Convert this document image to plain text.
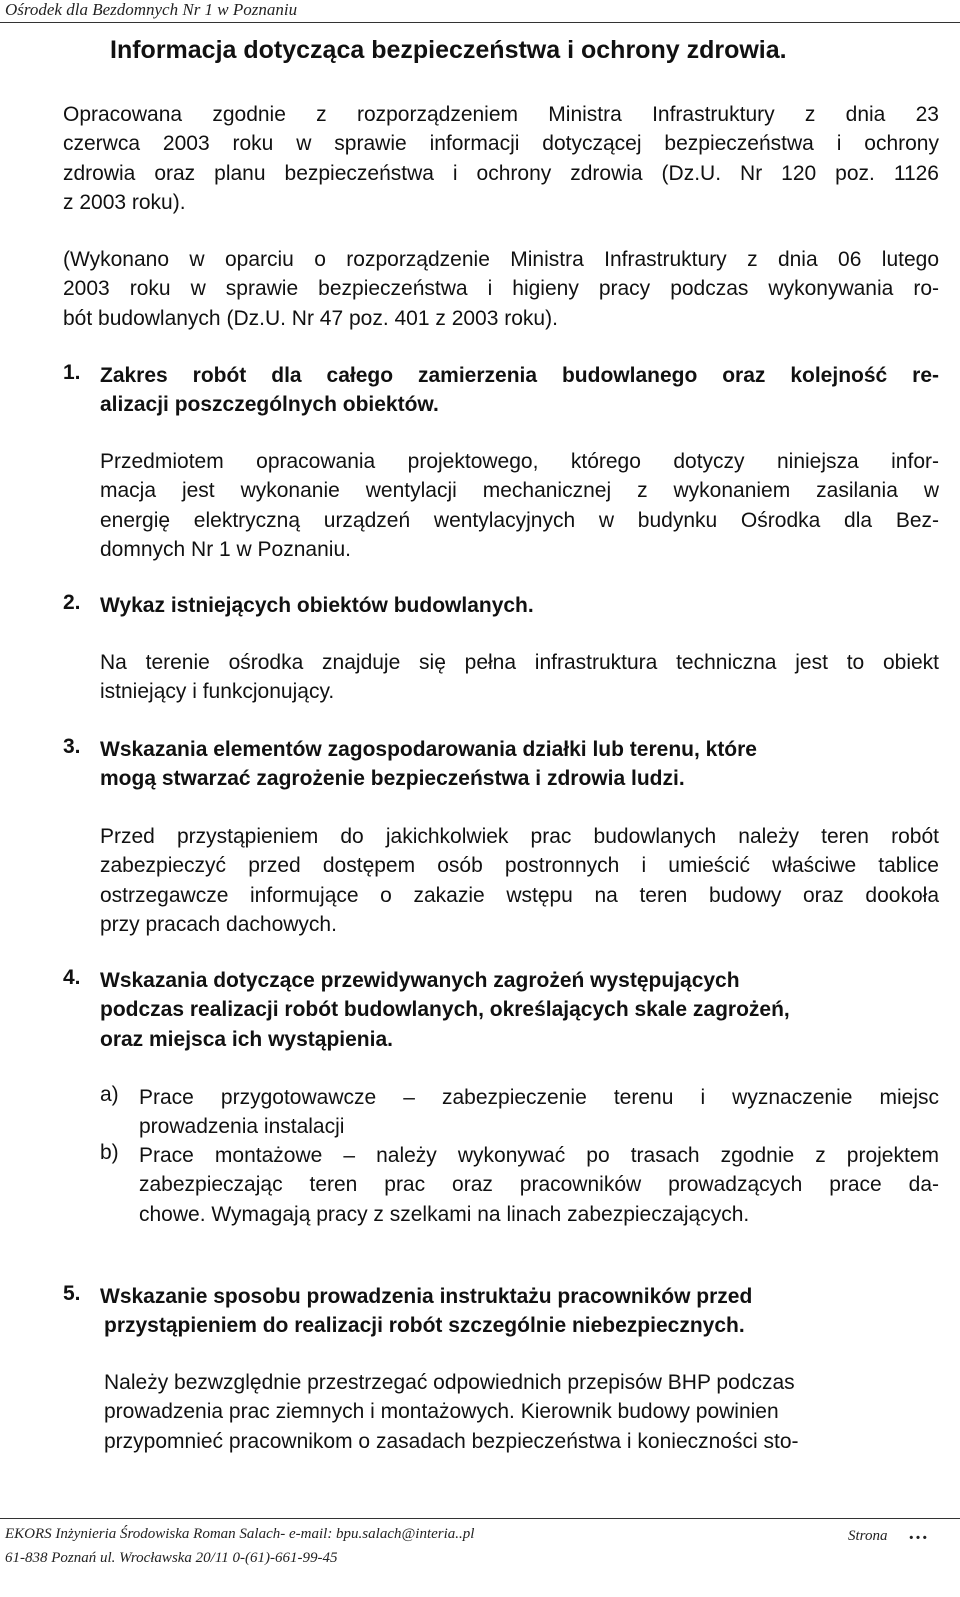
Ośrodek dla Bezdomnych Nr 1 w Poznaniu
Informacja dotycząca bezpieczeństwa i ochrony zdrowia.
Opracowana zgodnie z rozporządzeniem Ministra Infrastruktury z dnia 23
czerwca 2003 roku w sprawie informacji dotyczącej bezpieczeństwa i ochrony
zdrowia oraz planu bezpieczeństwa i ochrony zdrowia (Dz.U. Nr 120 poz. 1126
z 2003 roku).
(Wykonano w oparciu o rozporządzenie Ministra Infrastruktury z dnia 06 lutego
2003 roku w sprawie bezpieczeństwa i higieny pracy podczas wykonywania ro-
bót budowlanych (Dz.U. Nr 47 poz. 401 z 2003 roku).
1. Zakres robót dla całego zamierzenia budowlanego oraz kolejność re-
alizacji poszczególnych obiektów.
Przedmiotem opracowania projektowego, którego dotyczy niniejsza infor-
macja jest wykonanie wentylacji mechanicznej z wykonaniem zasilania w
energię elektryczną urządzeń wentylacyjnych w budynku Ośrodka dla Bez-
domnych Nr 1 w Poznaniu.
2. Wykaz istniejących obiektów budowlanych.
Na terenie ośrodka znajduje się pełna infrastruktura techniczna jest to obiekt
istniejący i funkcjonujący.
3. Wskazania elementów zagospodarowania działki lub terenu, które
mogą stwarzać zagrożenie bezpieczeństwa i zdrowia ludzi.
Przed przystąpieniem do jakichkolwiek prac budowlanych należy teren robót
zabezpieczyć przed dostępem osób postronnych i umieścić właściwe tablice
ostrzegawcze informujące o zakazie wstępu na teren budowy oraz dookoła
przy pracach dachowych.
4. Wskazania dotyczące przewidywanych zagrożeń występujących
podczas realizacji robót budowlanych, określających skale zagrożeń,
oraz miejsca ich wystąpienia.
a) Prace przygotowawcze – zabezpieczenie terenu i wyznaczenie miejsc
prowadzenia instalacji
b) Prace montażowe – należy wykonywać po trasach zgodnie z projektem
zabezpieczając teren prac oraz pracowników prowadzących prace da-
chowe. Wymagają pracy z szelkami na linach zabezpieczających.
5. Wskazanie sposobu prowadzenia instruktażu pracowników przed
przystąpieniem do realizacji robót szczególnie niebezpiecznych.
Należy bezwzględnie przestrzegać odpowiednich przepisów BHP podczas
prowadzenia prac ziemnych i montażowych. Kierownik budowy powinien
przypomnieć pracownikom o zasadach bezpieczeństwa i konieczności sto-
EKORS Inżynieria Środowiska Roman Salach- e-mail: bpu.salach@interia..pl
61-838 Poznań ul. Wrocławska 20/11 0-(61)-661-99-45
Strona …
